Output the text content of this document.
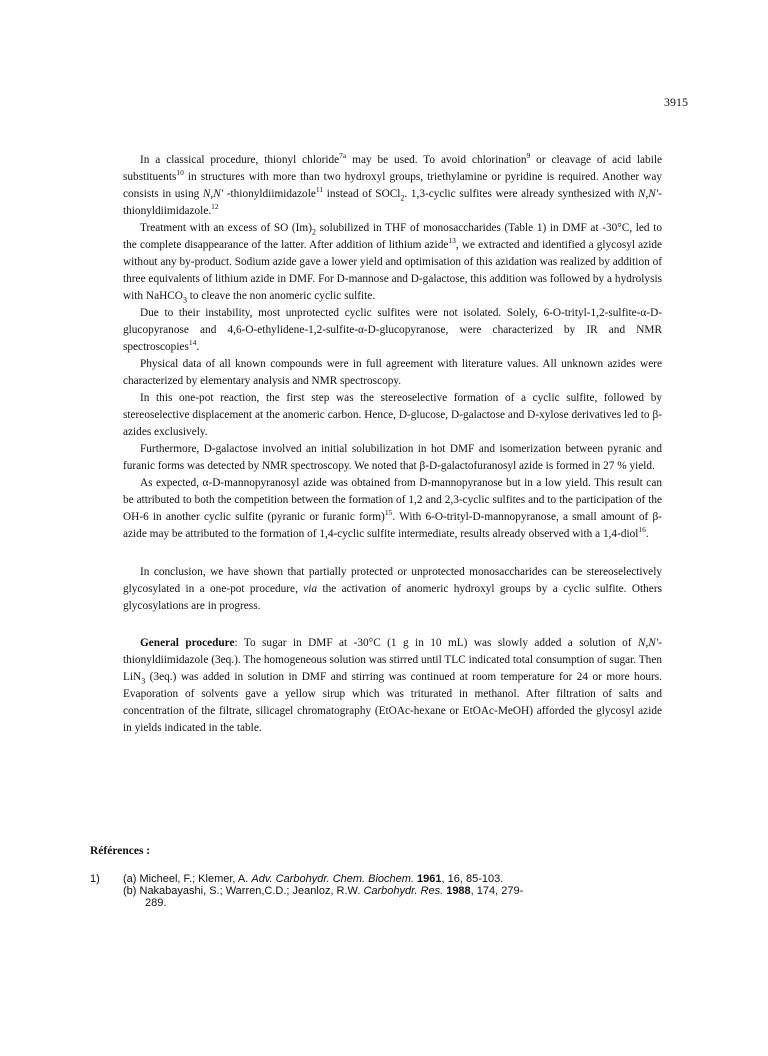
3915

In a classical procedure, thionyl chloride$^{7a}$ may be used. To avoid chlorination$^9$ or cleavage of acid labile substituents$^{10}$ in structures with more than two hydroxyl groups, triethylamine or pyridine is required. Another way consists in using N,N' -thionyldiimidazole$^{11}$ instead of SOCl$_2$. 1,3-cyclic sulfites were already synthesized with N,N'-thionyldiimidazole.$^{12}$

Treatment with an excess of SO $(Im)_2$ solubilized in THF of monosaccharides (Table 1) in DMF at -30°C, led to the complete disappearance of the latter. After addition of lithium azide$^{13}$, we extracted and identified a glycosyl azide without any by-product. Sodium azide gave a lower yield and optimisation of this azidation was realized by addition of three equivalents of lithium azide in DMF. For D-mannose and D-galactose, this addition was followed by a hydrolysis with NaHCO$_3$ to cleave the non anomeric cyclic sulfite.

Due to their instability, most unprotected cyclic sulfites were not isolated. Solely, 6-O-trityl-1,2-sulfite-α-D-glucopyranose and 4,6-O-ethylidene-1,2-sulfite-α-D-glucopyranose, were characterized by IR and NMR spectroscopies$^{14}$.

Physical data of all known compounds were in full agreement with literature values. All unknown azides were characterized by elementary analysis and NMR spectroscopy.

In this one-pot reaction, the first step was the stereoselective formation of a cyclic sulfite, followed by stereoselective displacement at the anomeric carbon. Hence, D-glucose, D-galactose and D-xylose derivatives led to β-azides exclusively.

Furthermore, D-galactose involved an initial solubilization in hot DMF and isomerization between pyranic and furanic forms was detected by NMR spectroscopy. We noted that β-D-galactofuranosyl azide is formed in 27 % yield.

As expected, α-D-mannopyranosyl azide was obtained from D-mannopyranose but in a low yield. This result can be attributed to both the competition between the formation of 1,2 and 2,3-cyclic sulfites and to the participation of the OH-6 in another cyclic sulfite (pyranic or furanic form)$^{15}$. With 6-O-trityl-D-mannopyranose, a small amount of β-azide may be attributed to the formation of 1,4-cyclic sulfite intermediate, results already observed with a 1,4-diol$^{16}$.

In conclusion, we have shown that partially protected or unprotected monosaccharides can be stereoselectively glycosylated in a one-pot procedure, via the activation of anomeric hydroxyl groups by a cyclic sulfite. Others glycosylations are in progress.

General procedure: To sugar in DMF at -30°C (1 g in 10 mL) was slowly added a solution of N,N'-thionyldiimidazole (3eq.). The homogeneous solution was stirred until TLC indicated total consumption of sugar. Then LiN$_3$ (3eq.) was added in solution in DMF and stirring was continued at room temperature for 24 or more hours. Evaporation of solvents gave a yellow sirup which was triturated in methanol. After filtration of salts and concentration of the filtrate, silicagel chromatography (EtOAc-hexane or EtOAc-MeOH) afforded the glycosyl azide in yields indicated in the table.

Références :
1)	(a) Micheel, F.; Klemer, A. Adv. Carbohydr. Chem. Biochem. 1961, 16, 85-103.
(b) Nakabayashi, S.; Warren,C.D.; Jeanloz, R.W. Carbohydr. Res. 1988, 174, 279-
289.
